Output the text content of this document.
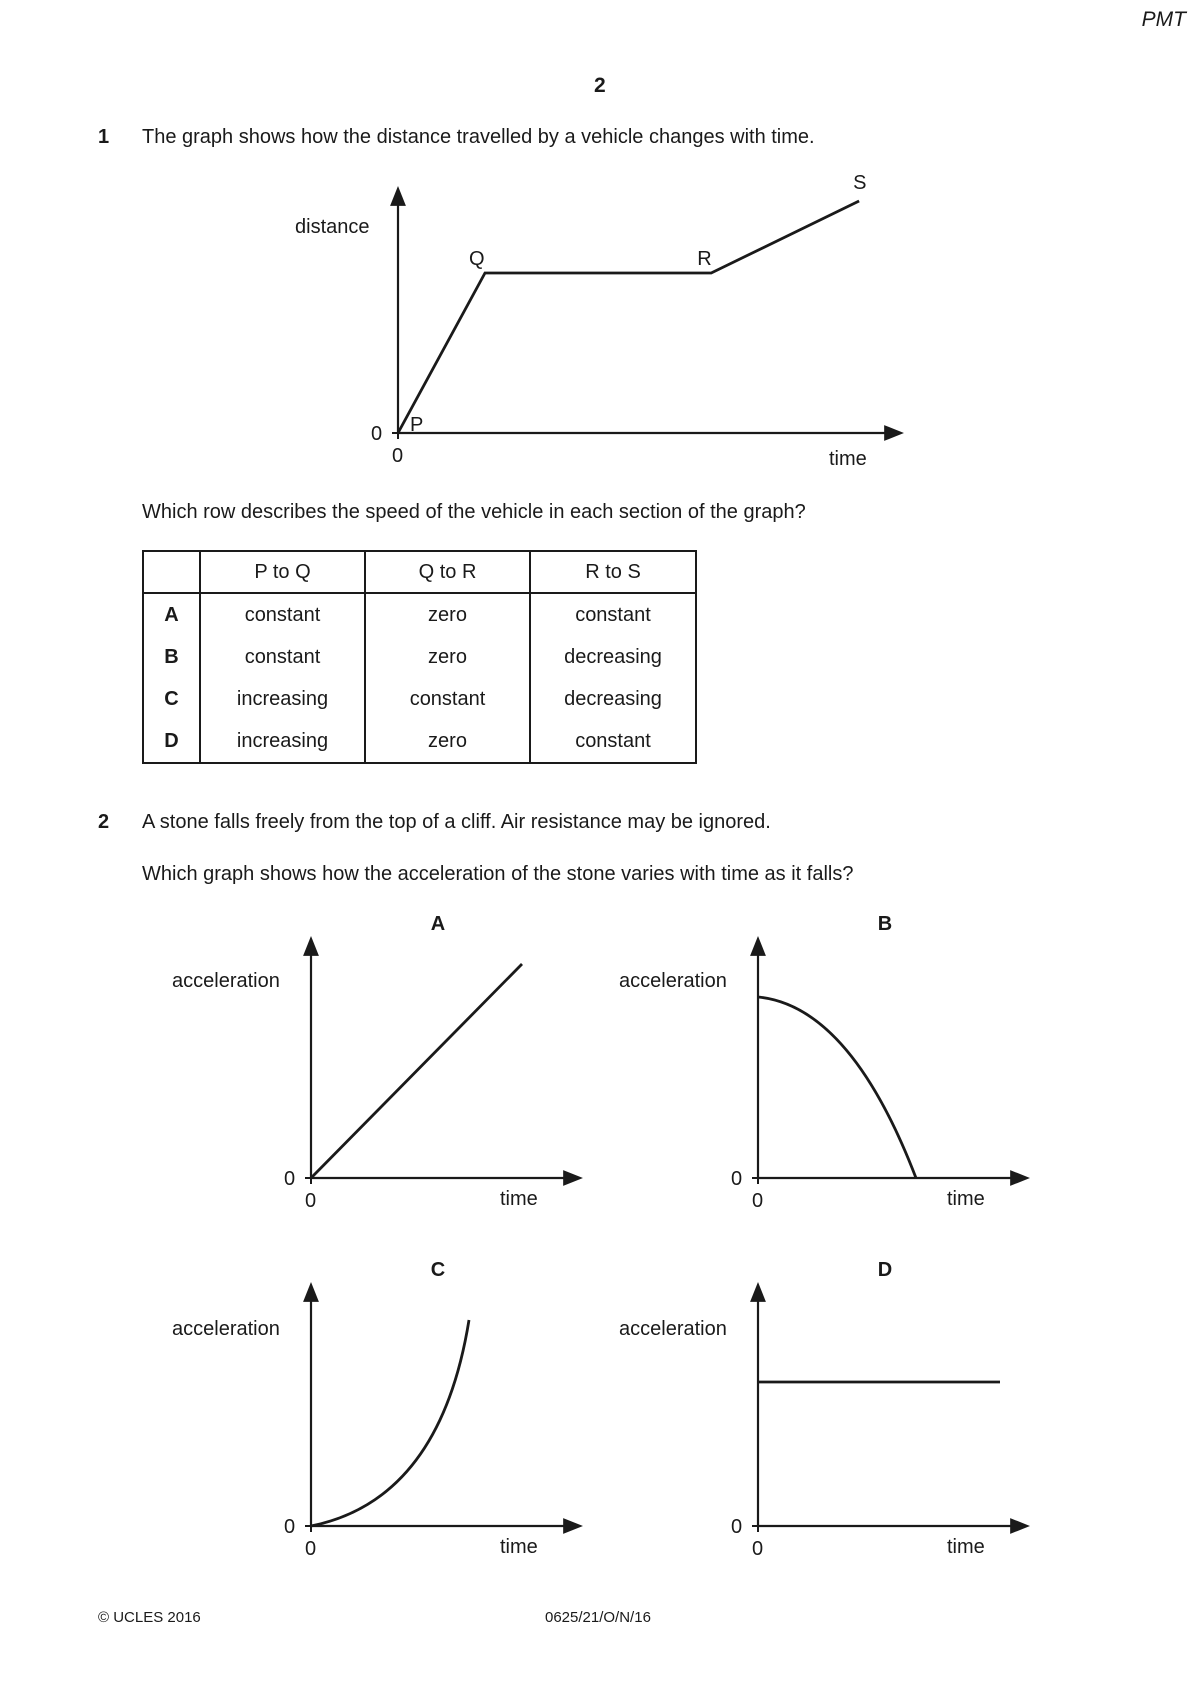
PMT
2
1 The graph shows how the distance travelled by a vehicle changes with time.
distance
time
0
0
P
Q	R
S
Which row describes the speed of the vehicle in each section of the graph?
	P to Q	Q to R	R to S
A	constant	zero	constant
B	constant	zero	decreasing
C	increasing	constant	decreasing
D	increasing	zero	constant
2 A stone falls freely from the top of a cliff. Air resistance may be ignored.
Which graph shows how the acceleration of the stone varies with time as it falls?
A
acceleration
time
0
0
B
acceleration
time
0
0
C
acceleration
time
0
0
D
acceleration
time
0
0
© UCLES 2016	0625/21/O/N/16
